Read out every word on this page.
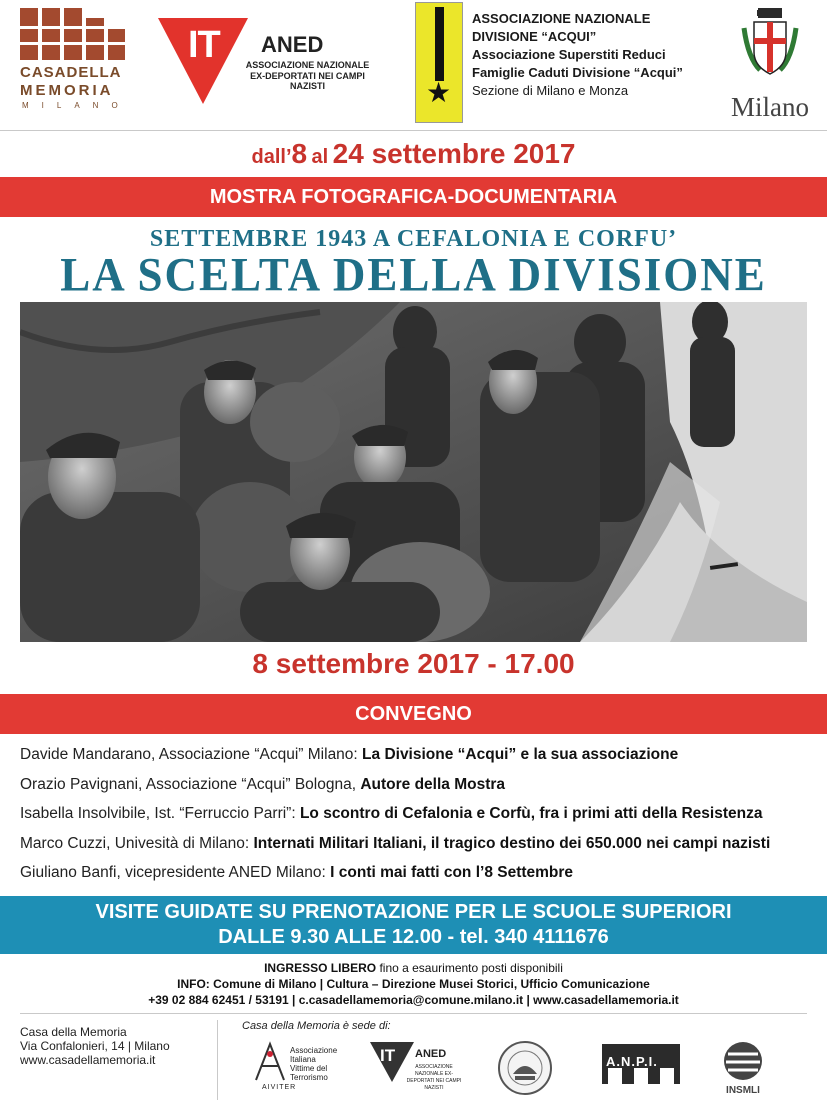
CASADELLA
MEMORIA
MILANO
IT ANED
ASSOCIAZIONE NAZIONALE
EX-DEPORTATI NEI CAMPI NAZISTI	★
ASSOCIAZIONE NAZIONALE
DIVISIONE “ACQUI”
Associazione Superstiti Reduci
Famiglie Caduti Divisione “Acqui”
Sezione di Milano e Monza
Milano
dall’8 al 24 settembre 2017
MOSTRA FOTOGRAFICA-DOCUMENTARIA
SETTEMBRE 1943 A CEFALONIA E CORFU’
LA SCELTA DELLA DIVISIONE
8 settembre 2017 - 17.00
CONVEGNO
Davide Mandarano, Associazione “Acqui” Milano: La Divisione “Acqui” e la sua associazione
Orazio Pavignani, Associazione “Acqui” Bologna, Autore della Mostra
Isabella Insolvibile, Ist. “Ferruccio Parri”: Lo scontro di Cefalonia e Corfù, fra i primi atti della Resistenza
Marco Cuzzi, Univesità di Milano: Internati Militari Italiani, il tragico destino dei 650.000 nei campi nazisti
Giuliano Banfi, vicepresidente ANED Milano: I conti mai fatti con l’8 Settembre
VISITE GUIDATE SU PRENOTAZIONE PER LE SCUOLE SUPERIORI
DALLE 9.30 ALLE 12.00 - tel. 340 4111676
INGRESSO LIBERO fino a esaurimento posti disponibili
INFO: Comune di Milano | Cultura – Direzione Musei Storici, Ufficio Comunicazione
+39 02 884 62451 / 53191 | c.casadellamemoria@comune.milano.it | www.casadellamemoria.it
Casa della Memoria
Via Confalonieri, 14 | Milano
www.casadellamemoria.it
Casa della Memoria è sede di:
Associazione
Italiana
Vittime del
Terrorismo
AIVITER
IT ANED
ASSOCIAZIONE NAZIONALE EX-DEPORTATI NEI CAMPI NAZISTI
A.N.P.I.
INSMLI
